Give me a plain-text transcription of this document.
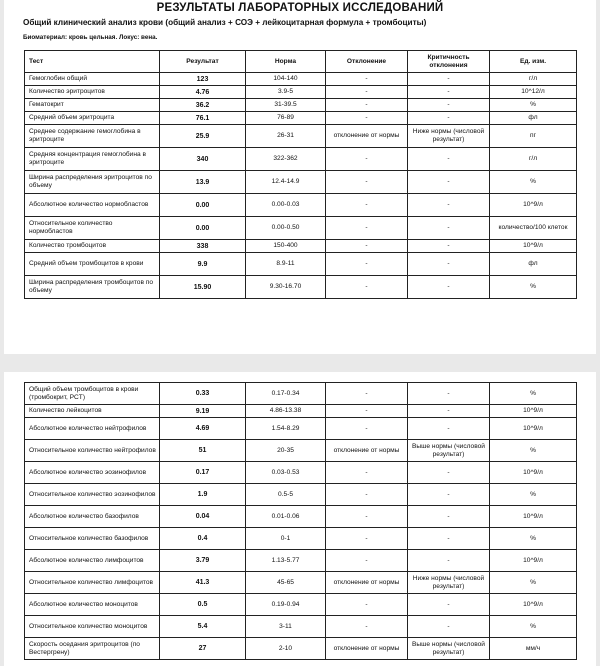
РЕЗУЛЬТАТЫ ЛАБОРАТОРНЫХ ИССЛЕДОВАНИЙ
Общий клинический анализ крови (общий анализ + СОЭ + лейкоцитарная формула + тромбоциты)
Биоматериал: кровь цельная. Локус: вена.
Тест	Результат	Норма	Отклонение	Критичность отклонения	Ед. изм.
Гемоглобин общий	123	104-140	-	-	г/л
Количество эритроцитов	4.76	3.9-5	-	-	10^12/л
Гематокрит	36.2	31-39.5	-	-	%
Средний объем эритроцита	76.1	76-89	-	-	фл
Среднее содержание гемоглобина в эритроците	25.9	26-31	отклонение от нормы	Ниже нормы (числовой результат)	пг
Средняя концентрация гемоглобина в эритроците	340	322-362	-	-	г/л
Ширина распределения эритроцитов по объему	13.9	12.4-14.9	-	-	%
Абсолютное количество нормобластов	0.00	0.00-0.03	-	-	10^9/л
Относительное количество нормобластов	0.00	0.00-0.50	-	-	количество/100 клеток
Количество тромбоцитов	338	150-400	-	-	10^9/л
Средний объем тромбоцитов в крови	9.9	8.9-11	-	-	фл
Ширина распределения тромбоцитов по объему	15.90	9.30-16.70	-	-	%
Общий объем тромбоцитов в крови (тромбокрит, PCT)	0.33	0.17-0.34	-	-	%
Количество лейкоцитов	9.19	4.86-13.38	-	-	10^9/л
Абсолютное количество нейтрофилов	4.69	1.54-8.29	-	-	10^9/л
Относительное количество нейтрофилов	51	20-35	отклонение от нормы	Выше нормы (числовой результат)	%
Абсолютное количество эозинофилов	0.17	0.03-0.53	-	-	10^9/л
Относительное количество эозинофилов	1.9	0.5-5	-	-	%
Абсолютное количество базофилов	0.04	0.01-0.06	-	-	10^9/л
Относительное количество базофилов	0.4	0-1	-	-	%
Абсолютное количество лимфоцитов	3.79	1.13-5.77	-	-	10^9/л
Относительное количество лимфоцитов	41.3	45-65	отклонение от нормы	Ниже нормы (числовой результат)	%
Абсолютное количество моноцитов	0.5	0.19-0.94	-	-	10^9/л
Относительное количество моноцитов	5.4	3-11	-	-	%
Скорость оседания эритроцитов (по Вестергрену)	27	2-10	отклонение от нормы	Выше нормы (числовой результат)	мм/ч
